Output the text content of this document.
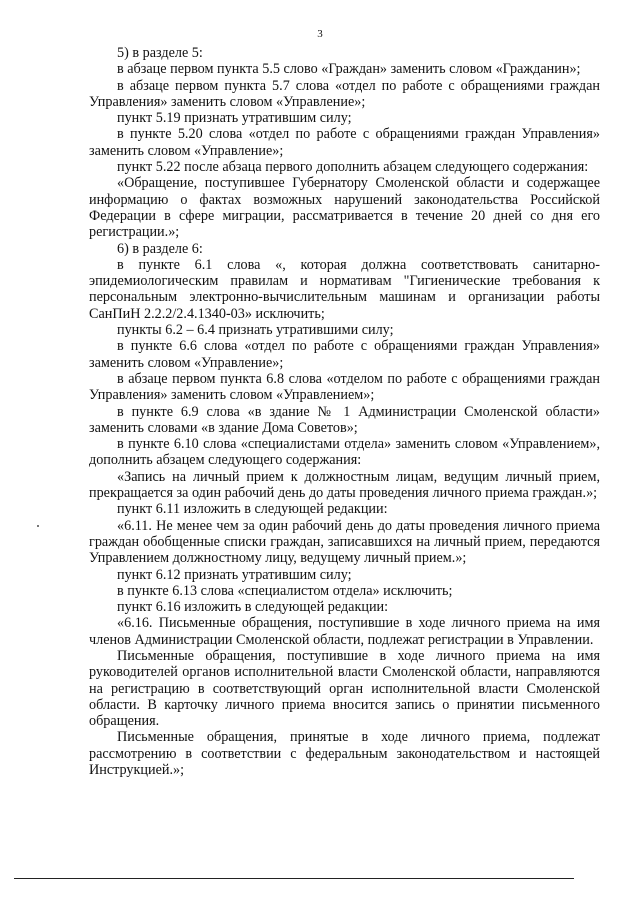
3

5) в разделе 5:

в абзаце первом пункта 5.5 слово «Граждан» заменить словом «Гражданин»;

в абзаце первом пункта 5.7 слова «отдел по работе с обращениями граждан Управления» заменить словом «Управление»;

пункт 5.19 признать утратившим силу;

в пункте 5.20 слова «отдел по работе с обращениями граждан Управления» заменить словом «Управление»;

пункт 5.22 после абзаца первого дополнить абзацем следующего содержания:

«Обращение, поступившее Губернатору Смоленской области и содержащее информацию о фактах возможных нарушений законодательства Российской Федерации в сфере миграции, рассматривается в течение 20 дней со дня его регистрации.»;

6) в разделе 6:

в пункте 6.1 слова «, которая должна соответствовать санитарно-эпидемиологическим правилам и нормативам "Гигиенические требования к персональным электронно-вычислительным машинам и организации работы СанПиН 2.2.2/2.4.1340-03» исключить;

пункты 6.2 – 6.4 признать утратившими силу;

в пункте 6.6 слова «отдел по работе с обращениями граждан Управления» заменить словом «Управление»;

в абзаце первом пункта 6.8 слова «отделом по работе с обращениями граждан Управления» заменить словом «Управлением»;

в пункте 6.9 слова «в здание № 1 Администрации Смоленской области» заменить словами «в здание Дома Советов»;

в пункте 6.10 слова «специалистами отдела» заменить словом «Управлением», дополнить абзацем следующего содержания:

«Запись на личный прием к должностным лицам, ведущим личный прием, прекращается за один рабочий день до даты проведения личного приема граждан.»;

пункт 6.11 изложить в следующей редакции:

«6.11. Не менее чем за один рабочий день до даты проведения личного приема граждан обобщенные списки граждан, записавшихся на личный прием, передаются Управлением должностному лицу, ведущему личный прием.»;

пункт 6.12 признать утратившим силу;

в пункте 6.13 слова «специалистом отдела» исключить;

пункт 6.16 изложить в следующей редакции:

«6.16. Письменные обращения, поступившие в ходе личного приема на имя членов Администрации Смоленской области, подлежат регистрации в Управлении.

Письменные обращения, поступившие в ходе личного приема на имя руководителей органов исполнительной власти Смоленской области, направляются на регистрацию в соответствующий орган исполнительной власти Смоленской области. В карточку личного приема вносится запись о принятии письменного обращения.

Письменные обращения, принятые в ходе личного приема, подлежат рассмотрению в соответствии с федеральным законодательством и настоящей Инструкцией.»;
